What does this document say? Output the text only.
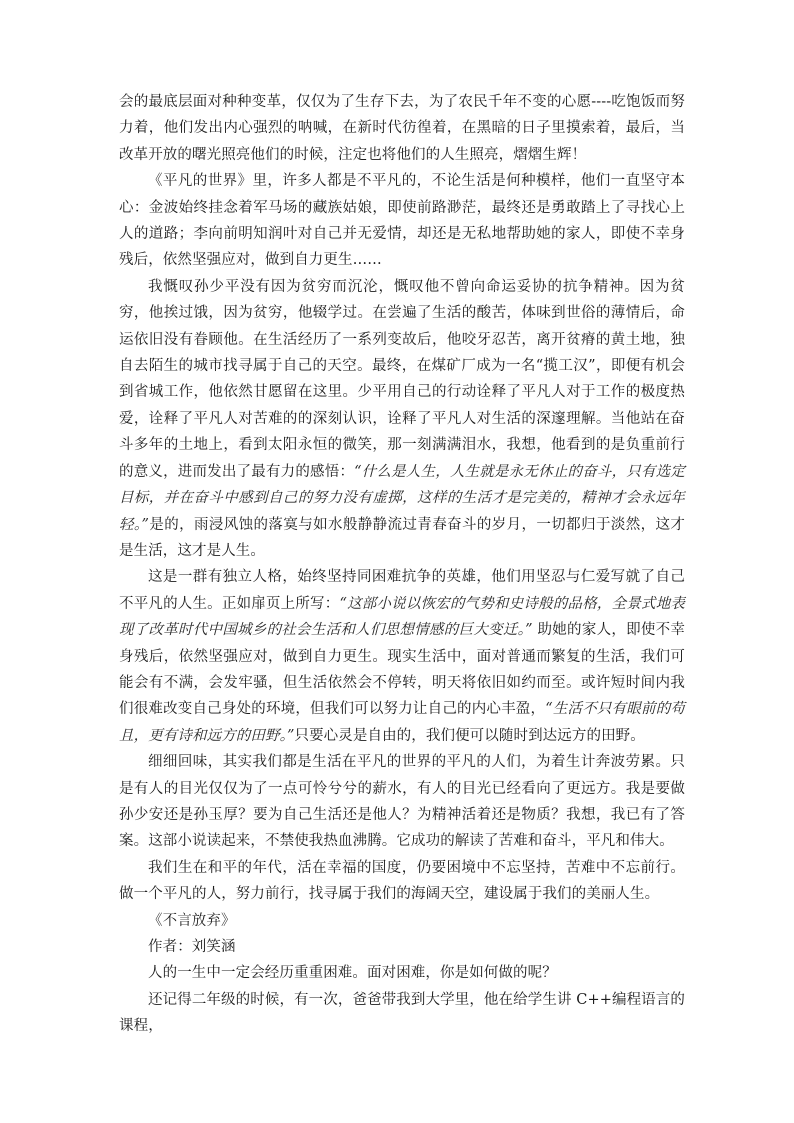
会的最底层面对种种变革，仅仅为了生存下去，为了农民千年不变的心愿----吃饱饭而努力着，他们发出内心强烈的呐喊，在新时代彷徨着，在黑暗的日子里摸索着，最后，当改革开放的曙光照亮他们的时候，注定也将他们的人生照亮，熠熠生辉！

《平凡的世界》里，许多人都是不平凡的，不论生活是何种模样，他们一直坚守本心：金波始终挂念着军马场的藏族姑娘，即使前路渺茫，最终还是勇敢踏上了寻找心上人的道路；李向前明知润叶对自己并无爱情，却还是无私地帮助她的家人，即使不幸身残后，依然坚强应对，做到自力更生……

我慨叹孙少平没有因为贫穷而沉沦，慨叹他不曾向命运妥协的抗争精神。因为贫穷，他挨过饿，因为贫穷，他辍学过。在尝遍了生活的酸苦，体味到世俗的薄情后，命运依旧没有眷顾他。在生活经历了一系列变故后，他咬牙忍苦，离开贫瘠的黄土地，独自去陌生的城市找寻属于自己的天空。最终，在煤矿厂成为一名“揽工汉”，即便有机会到省城工作，他依然甘愿留在这里。少平用自己的行动诠释了平凡人对于工作的极度热爱，诠释了平凡人对苦难的的深刻认识，诠释了平凡人对生活的深邃理解。当他站在奋斗多年的土地上，看到太阳永恒的微笑，那一刻满满泪水，我想，他看到的是负重前行的意义，进而发出了最有力的感悟：“什么是人生，人生就是永无休止的奋斗，只有选定目标，并在奋斗中感到自己的努力没有虚掷，这样的生活才是完美的，精神才会永远年轻。”是的，雨浸风蚀的落寞与如水般静静流过青春奋斗的岁月，一切都归于淡然，这才是生活，这才是人生。

这是一群有独立人格，始终坚持同困难抗争的英雄，他们用坚忍与仁爱写就了自己不平凡的人生。正如扉页上所写：“这部小说以恢宏的气势和史诗般的品格，全景式地表现了改革时代中国城乡的社会生活和人们思想情感的巨大变迁。” 助她的家人，即使不幸身残后，依然坚强应对，做到自力更生。现实生活中，面对普通而繁复的生活，我们可能会有不满，会发牢骚，但生活依然会不停转，明天将依旧如约而至。或许短时间内我们很难改变自己身处的环境，但我们可以努力让自己的内心丰盈，“生活不只有眼前的苟且，更有诗和远方的田野。”只要心灵是自由的，我们便可以随时到达远方的田野。

细细回味，其实我们都是生活在平凡的世界的平凡的人们，为着生计奔波劳累。只是有人的目光仅仅为了一点可怜兮兮的薪水，有人的目光已经看向了更远方。我是要做孙少安还是孙玉厚？要为自己生活还是他人？为精神活着还是物质？我想，我已有了答案。这部小说读起来，不禁使我热血沸腾。它成功的解读了苦难和奋斗，平凡和伟大。

我们生在和平的年代，活在幸福的国度，仍要困境中不忘坚持，苦难中不忘前行。做一个平凡的人，努力前行，找寻属于我们的海阔天空，建设属于我们的美丽人生。

《不言放弃》

作者：刘笑涵

人的一生中一定会经历重重困难。面对困难，你是如何做的呢？

还记得二年级的时候，有一次，爸爸带我到大学里，他在给学生讲 C++编程语言的课程，
